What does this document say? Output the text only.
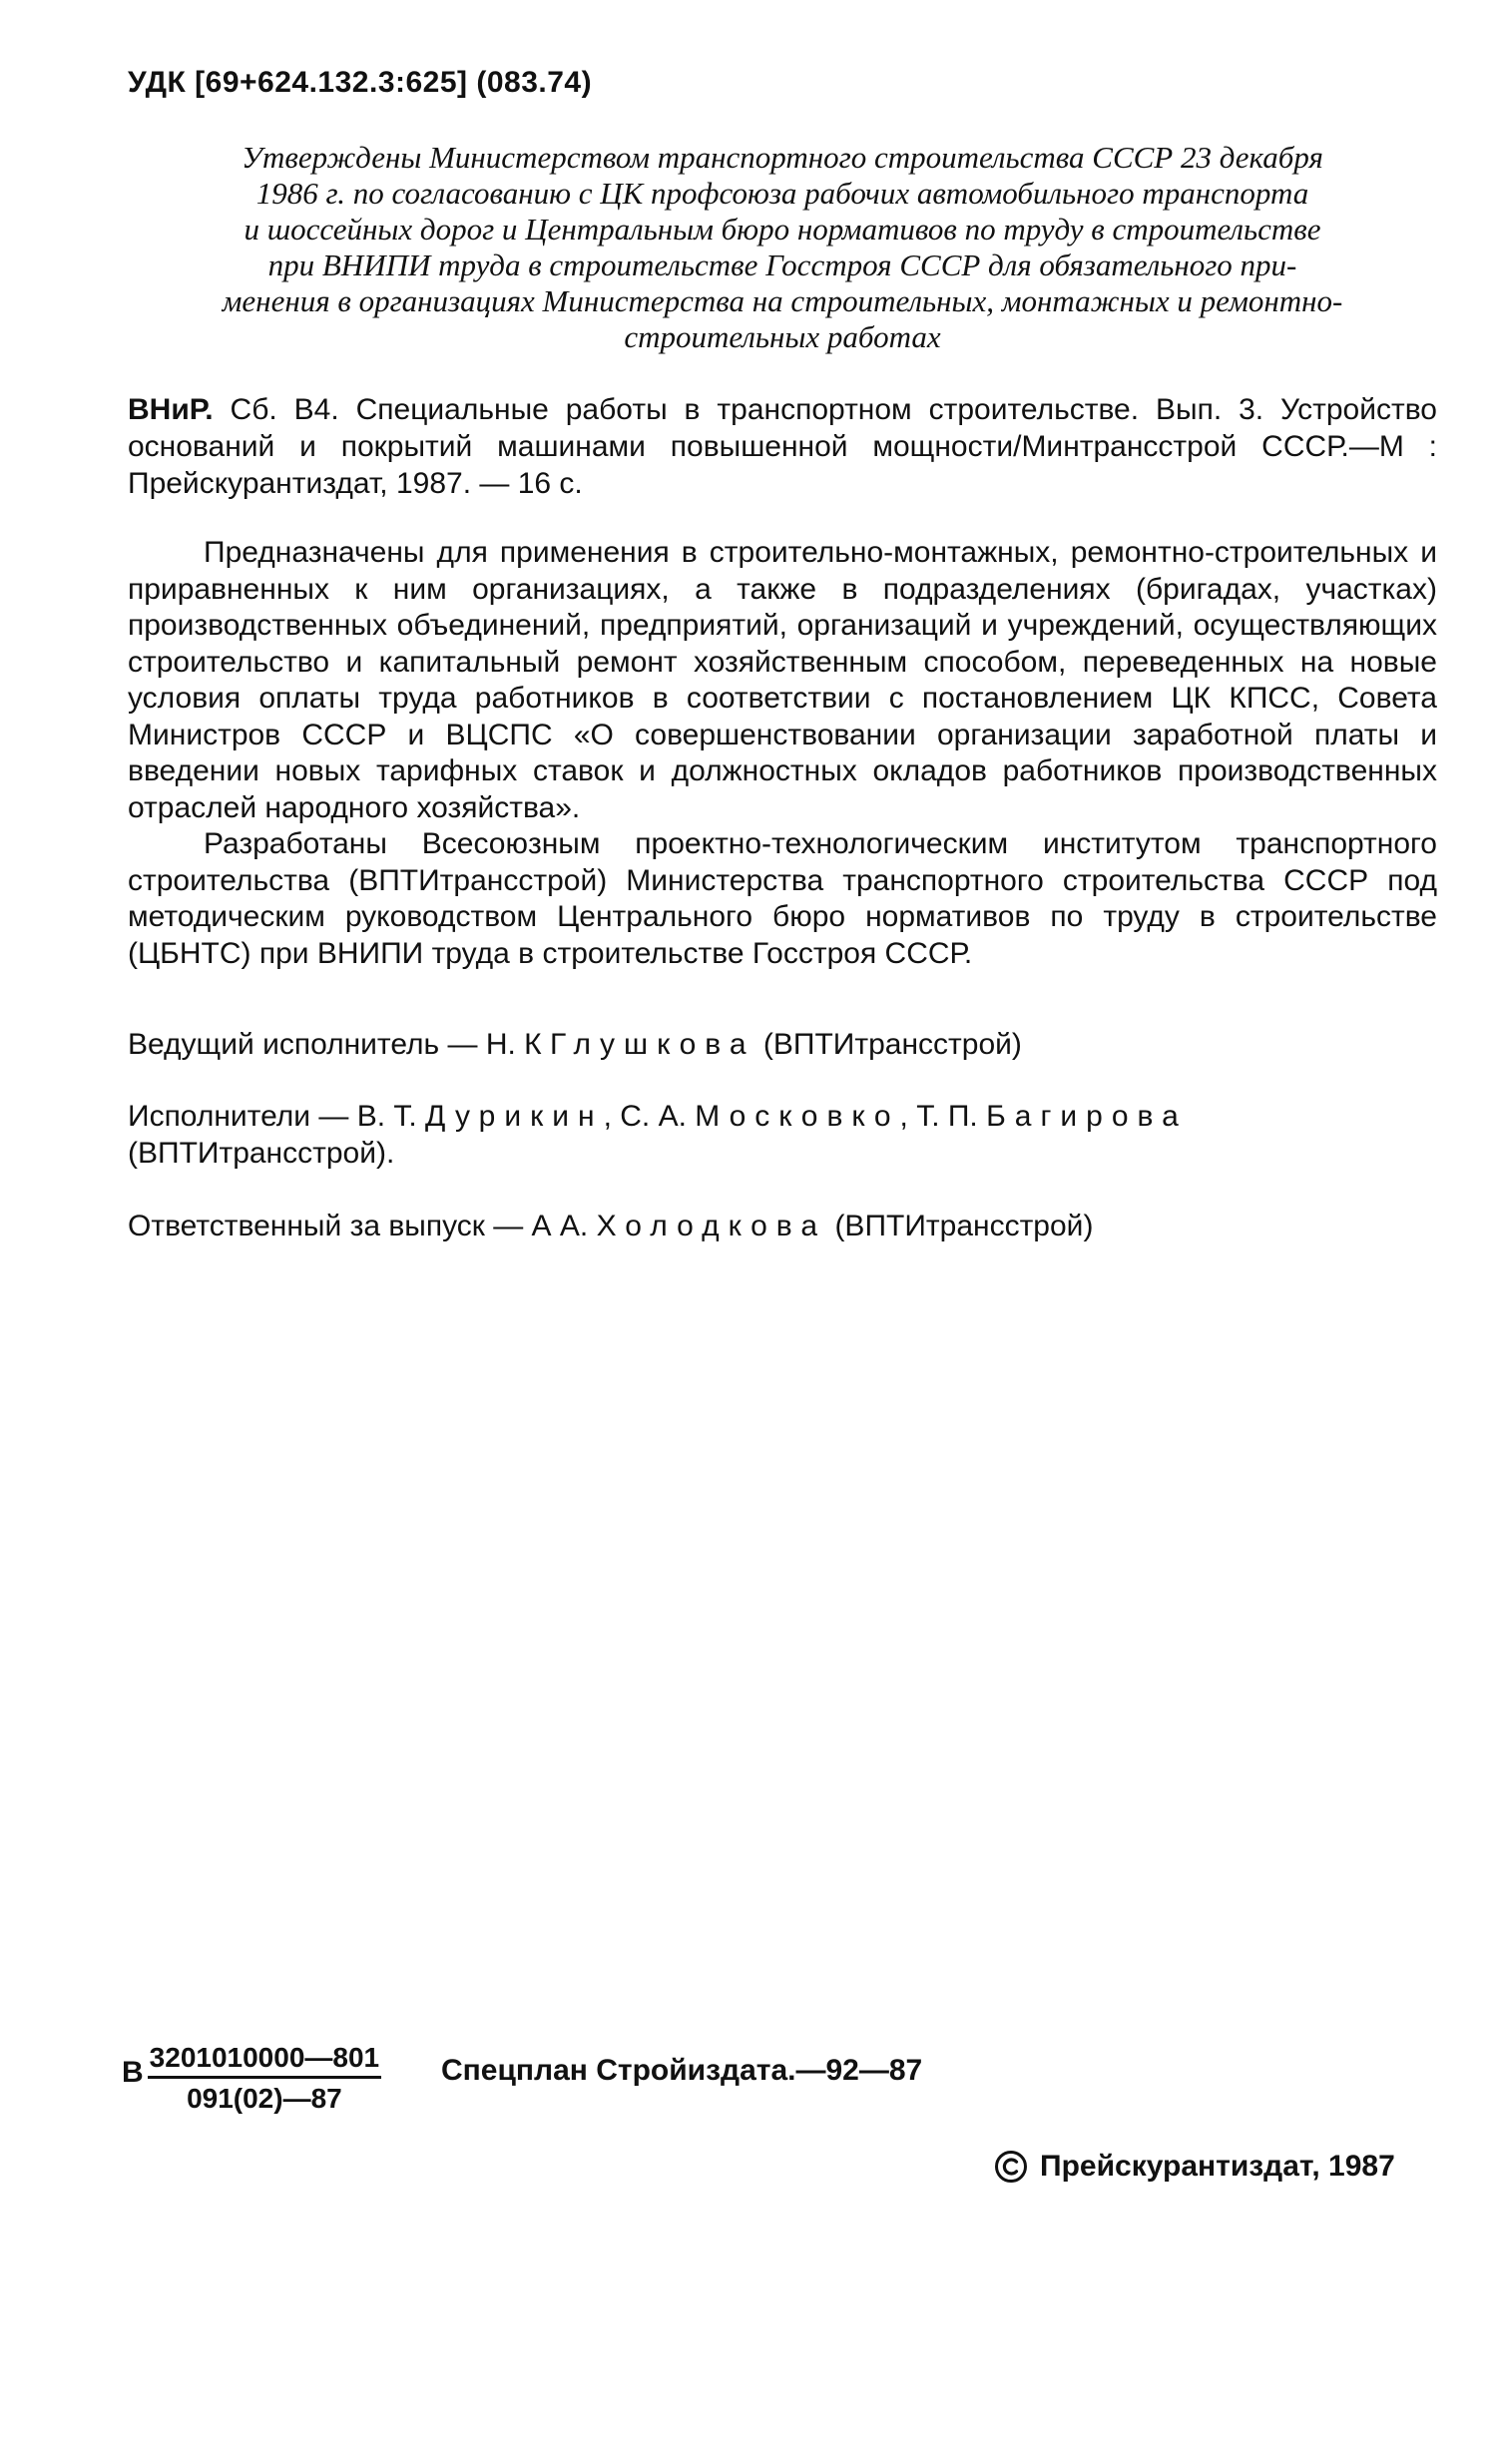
УДК [69+624.132.3:625] (083.74)
Утверждены Министерством транспортного строительства СССР 23 декабря
1986 г. по согласованию с ЦК профсоюза рабочих автомобильного транспорта
и шоссейных дорог и Центральным бюро нормативов по труду в строительстве
при ВНИПИ труда в строительстве Госстроя СССР для обязательного при-
менения в организациях Министерства на строительных, монтажных и ремонтно-
строительных работах
ВНиР. Сб. В4. Специальные работы в транспортном строительстве. Вып. 3. Устройство оснований и покрытий машинами повышенной мощности/Минтрансстрой СССР.—М : Прейскурантиздат, 1987. — 16 с.

Предназначены для применения в строительно-монтажных, ремонтно-строительных и приравненных к ним организациях, а также в подразделениях (бригадах, участках) производственных объединений, предприятий, организаций и учреждений, осуществляющих строительство и капитальный ремонт хозяйственным способом, переведенных на новые условия оплаты труда работников в соответствии с постановлением ЦК КПСС, Совета Министров СССР и ВЦСПС «О совершенствовании организации заработной платы и введении новых тарифных ставок и должностных окладов работников производственных отраслей народного хозяйства».

Разработаны Всесоюзным проектно-технологическим институтом транспортного строительства (ВПТИтрансстрой) Министерства транспортного строительства СССР под методическим руководством Центрального бюро нормативов по труду в строительстве (ЦБНТС) при ВНИПИ труда в строительстве Госстроя СССР.

Ведущий исполнитель — Н. К Глушкова (ВПТИтрансстрой)
Исполнители — В. Т. Дурикин, С. А. Московко, Т. П. Багирова
(ВПТИтрансстрой).
Ответственный за выпуск — А А. Холодкова (ВПТИтрансстрой)
В $\frac{3201010000—801}{091(02)—87}$ Спецплан Стройиздата.—92—87
Прейскурантиздат, 1987
